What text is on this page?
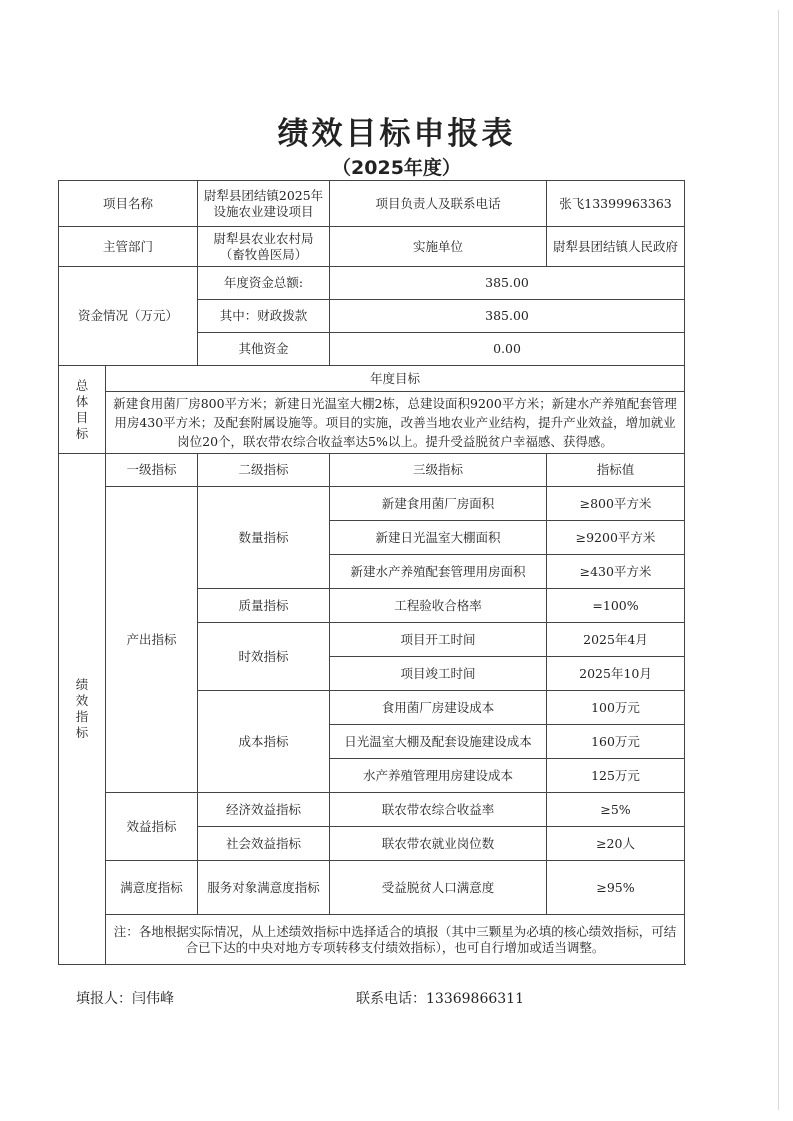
绩效目标申报表
（2025年度）
项目名称		尉犁县团结镇2025年设施农业建设项目	项目负责人及联系电话	张飞13399963363
主管部门		尉犁县农业农村局（畜牧兽医局）	实施单位	尉犁县团结镇人民政府
资金情况（万元）		年度资金总额:	385.00	
		其中：财政拨款	385.00	
		其他资金	0.00	
总体目标	年度目标			
	新建食用菌厂房800平方米；新建日光温室大棚2栋，总建设面积9200平方米；新建水产养殖配套管理用房430平方米；及配套附属设施等。项目的实施，改善当地农业产业结构，提升产业效益，增加就业岗位20个，联农带农综合收益率达5%以上。提升受益脱贫户幸福感、获得感。			
绩效指标	一级指标	二级指标	三级指标	指标值
	产出指标	数量指标	新建食用菌厂房面积	≥800平方米
			新建日光温室大棚面积	≥9200平方米
			新建水产养殖配套管理用房面积	≥430平方米
		质量指标	工程验收合格率	=100%
		时效指标	项目开工时间	2025年4月
			项目竣工时间	2025年10月
		成本指标	食用菌厂房建设成本	100万元
			日光温室大棚及配套设施建设成本	160万元
			水产养殖管理用房建设成本	125万元
	效益指标	经济效益指标	联农带农综合收益率	≥5%
		社会效益指标	联农带农就业岗位数	≥20人
	满意度指标	服务对象满意度指标	受益脱贫人口满意度	≥95%
	注：各地根据实际情况，从上述绩效指标中选择适合的填报（其中三颗星为必填的核心绩效指标，可结合已下达的中央对地方专项转移支付绩效指标），也可自行增加或适当调整。			
填报人：闫伟峰	联系电话：13369866311
